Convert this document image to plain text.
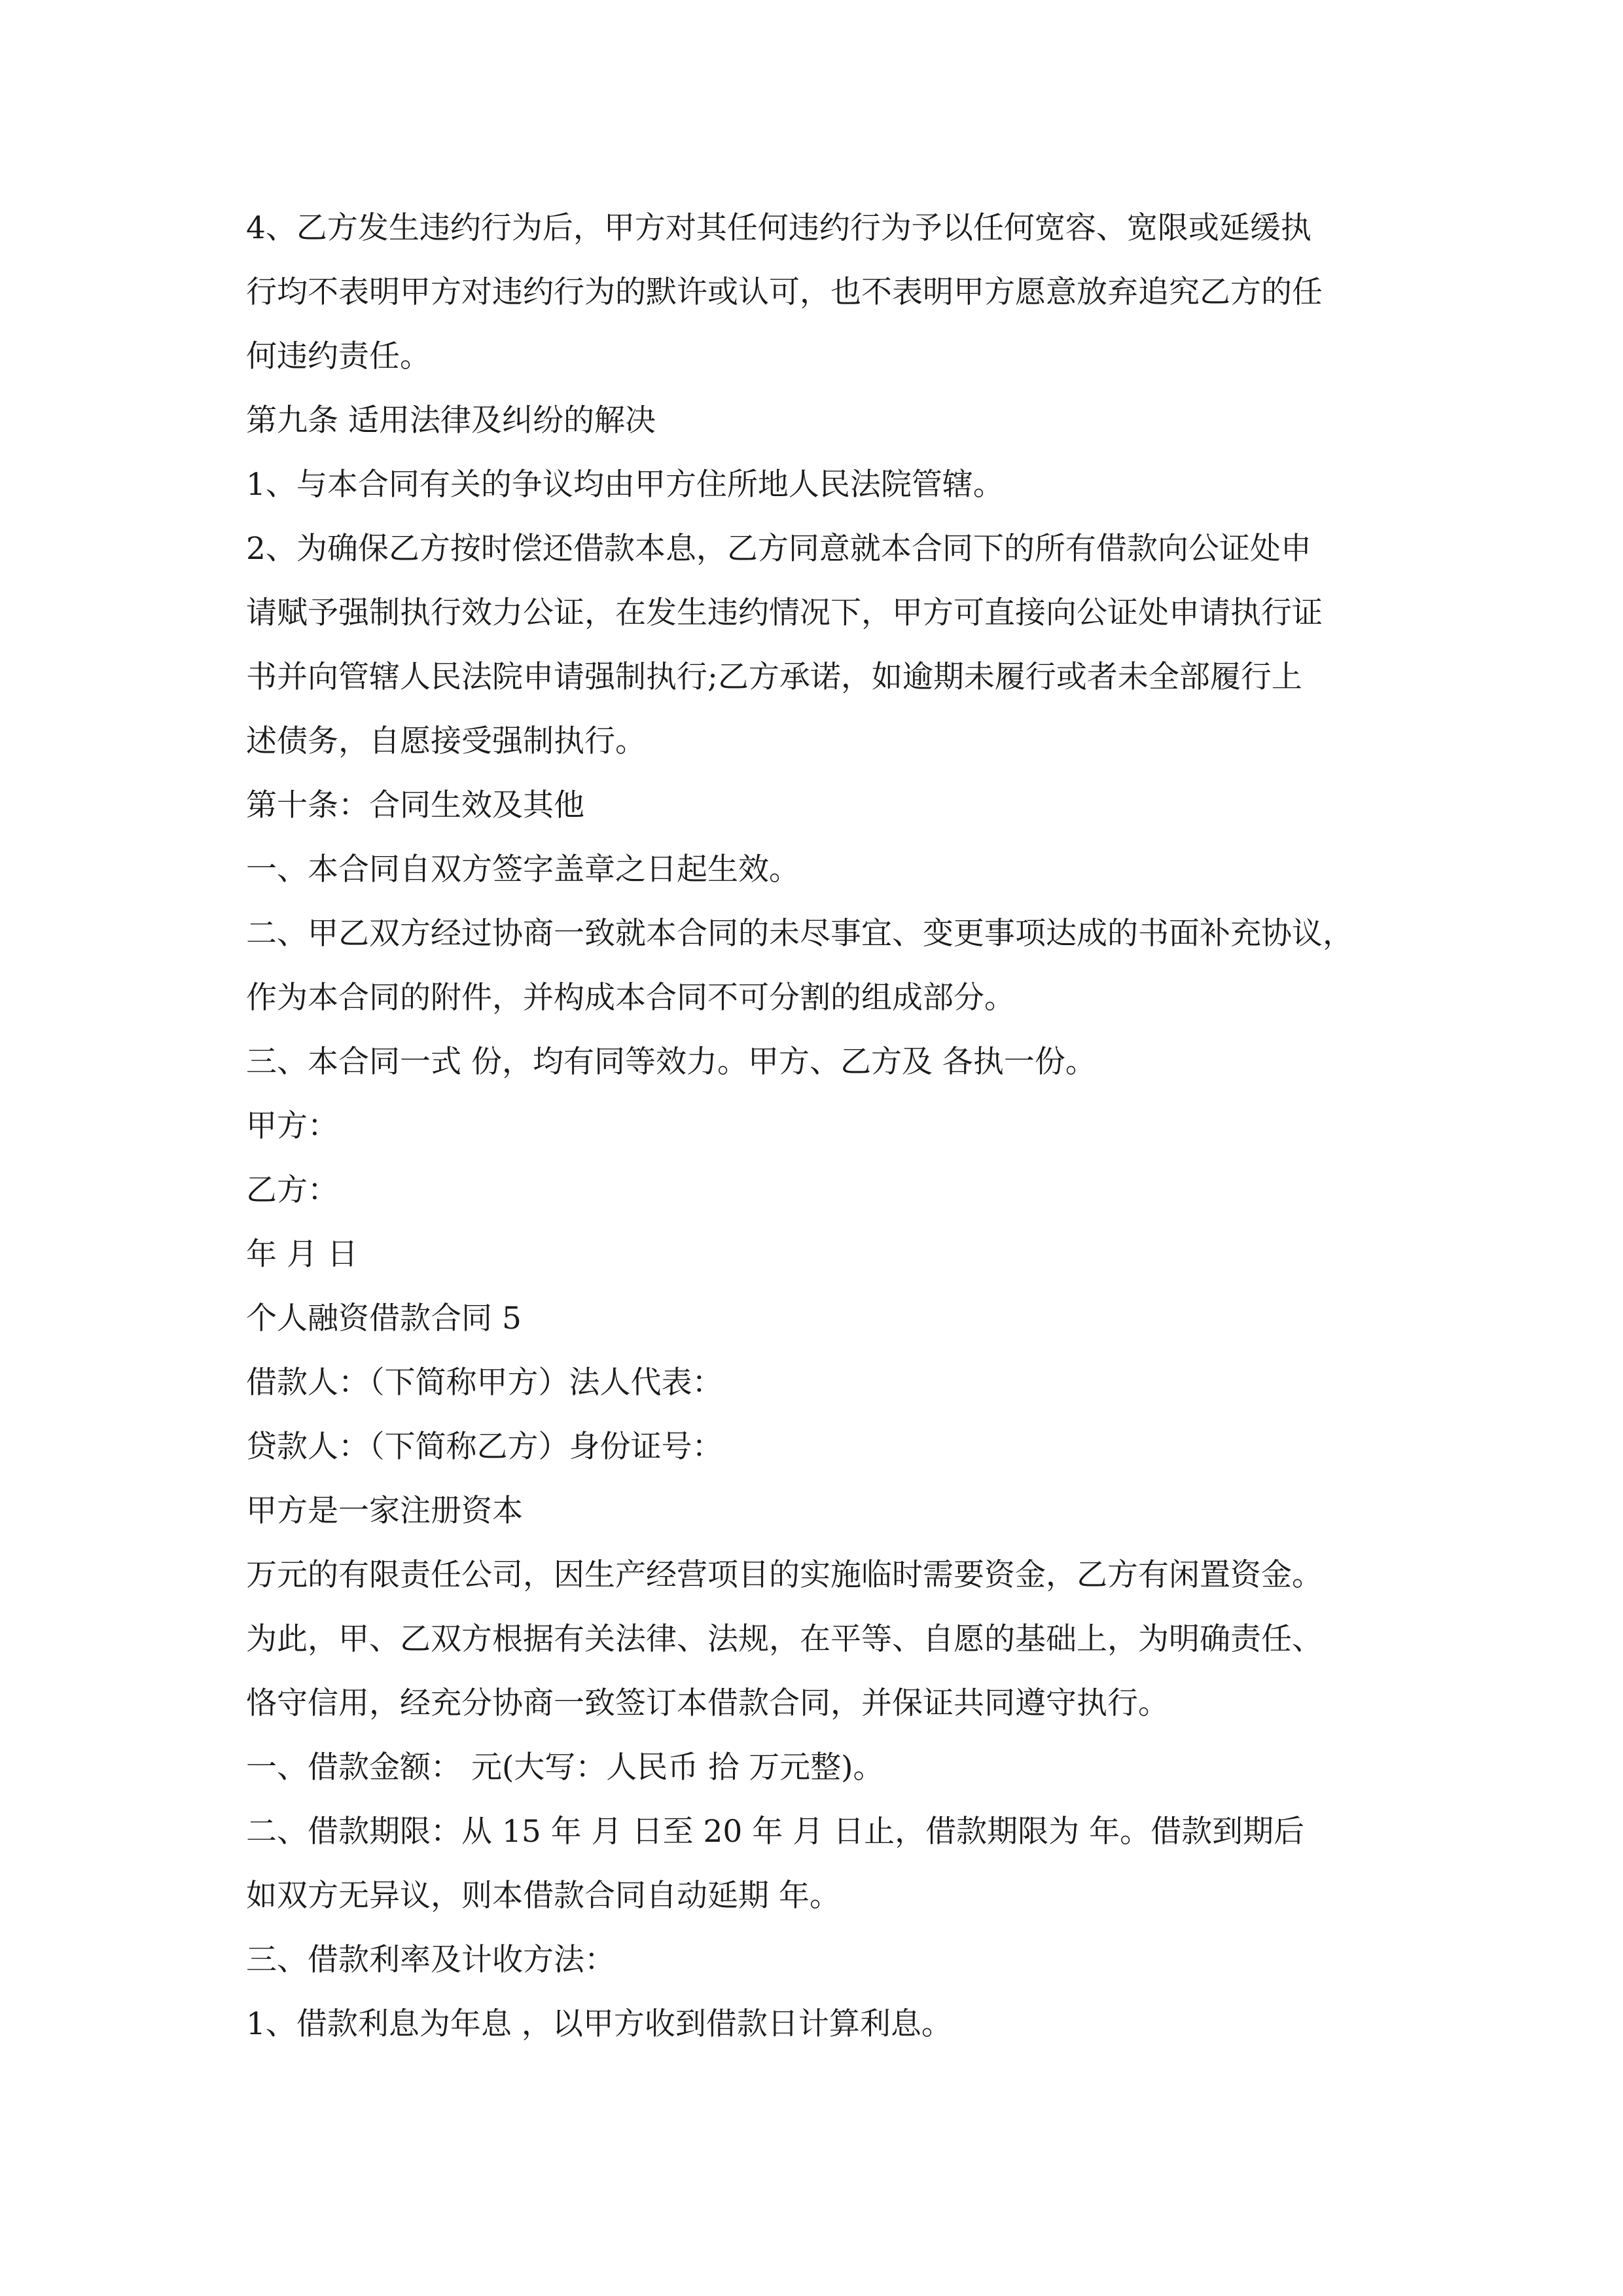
4、乙方发生违约行为后，甲方对其任何违约行为予以任何宽容、宽限或延缓执

行均不表明甲方对违约行为的默许或认可，也不表明甲方愿意放弃追究乙方的任

何违约责任。

第九条 适用法律及纠纷的解决

1、与本合同有关的争议均由甲方住所地人民法院管辖。

2、为确保乙方按时偿还借款本息，乙方同意就本合同下的所有借款向公证处申

请赋予强制执行效力公证，在发生违约情况下，甲方可直接向公证处申请执行证

书并向管辖人民法院申请强制执行;乙方承诺，如逾期未履行或者未全部履行上

述债务，自愿接受强制执行。

第十条：合同生效及其他

一、本合同自双方签字盖章之日起生效。

二、甲乙双方经过协商一致就本合同的未尽事宜、变更事项达成的书面补充协议，

作为本合同的附件，并构成本合同不可分割的组成部分。

三、本合同一式 份，均有同等效力。甲方、乙方及 各执一份。

甲方：

乙方：

年 月 日

个人融资借款合同 5

借款人：（下简称甲方）法人代表：

贷款人：（下简称乙方）身份证号：

甲方是一家注册资本

万元的有限责任公司，因生产经营项目的实施临时需要资金，乙方有闲置资金。

为此，甲、乙双方根据有关法律、法规，在平等、自愿的基础上，为明确责任、

恪守信用，经充分协商一致签订本借款合同，并保证共同遵守执行。

一、借款金额： 元(大写：人民币 拾 万元整)。

二、借款期限：从 15 年 月 日至 20 年 月 日止，借款期限为 年。借款到期后

如双方无异议，则本借款合同自动延期 年。

三、借款利率及计收方法：

1、借款利息为年息 ，以甲方收到借款日计算利息。
